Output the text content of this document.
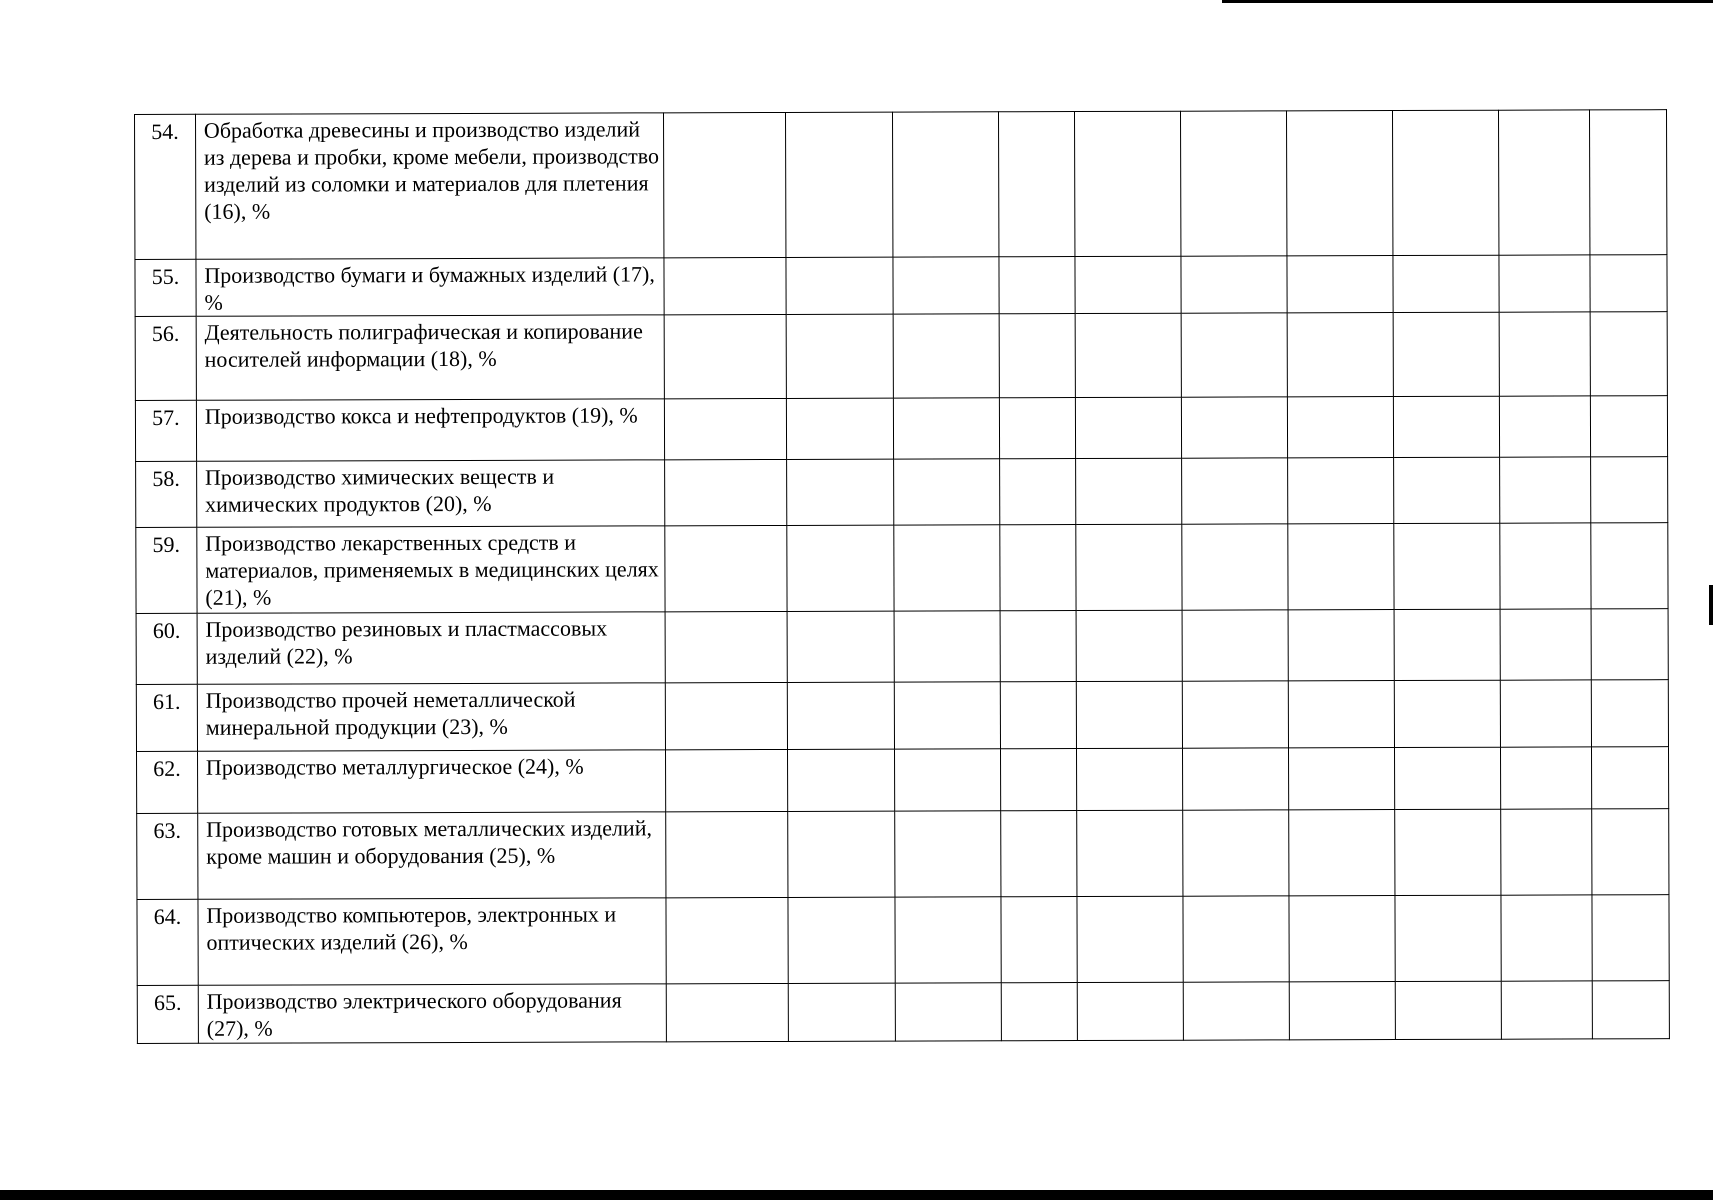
54.	Обработка древесины и производство изделий из дерева и пробки, кроме мебели, производство изделий из соломки и материалов для плетения (16), %										
55.	Производство бумаги и бумажных изделий (17), %										
56.	Деятельность полиграфическая и копирование носителей информации (18), %										
57.	Производство кокса и нефтепродуктов (19), %										
58.	Производство химических веществ и химических продуктов (20), %										
59.	Производство лекарственных средств и материалов, применяемых в медицинских целях (21), %										
60.	Производство резиновых и пластмассовых изделий (22), %										
61.	Производство прочей неметаллической минеральной продукции (23), %										
62.	Производство металлургическое (24), %										
63.	Производство готовых металлических изделий, кроме машин и оборудования (25), %										
64.	Производство компьютеров, электронных и оптических изделий (26), %										
65.	Производство электрического оборудования (27), %										
